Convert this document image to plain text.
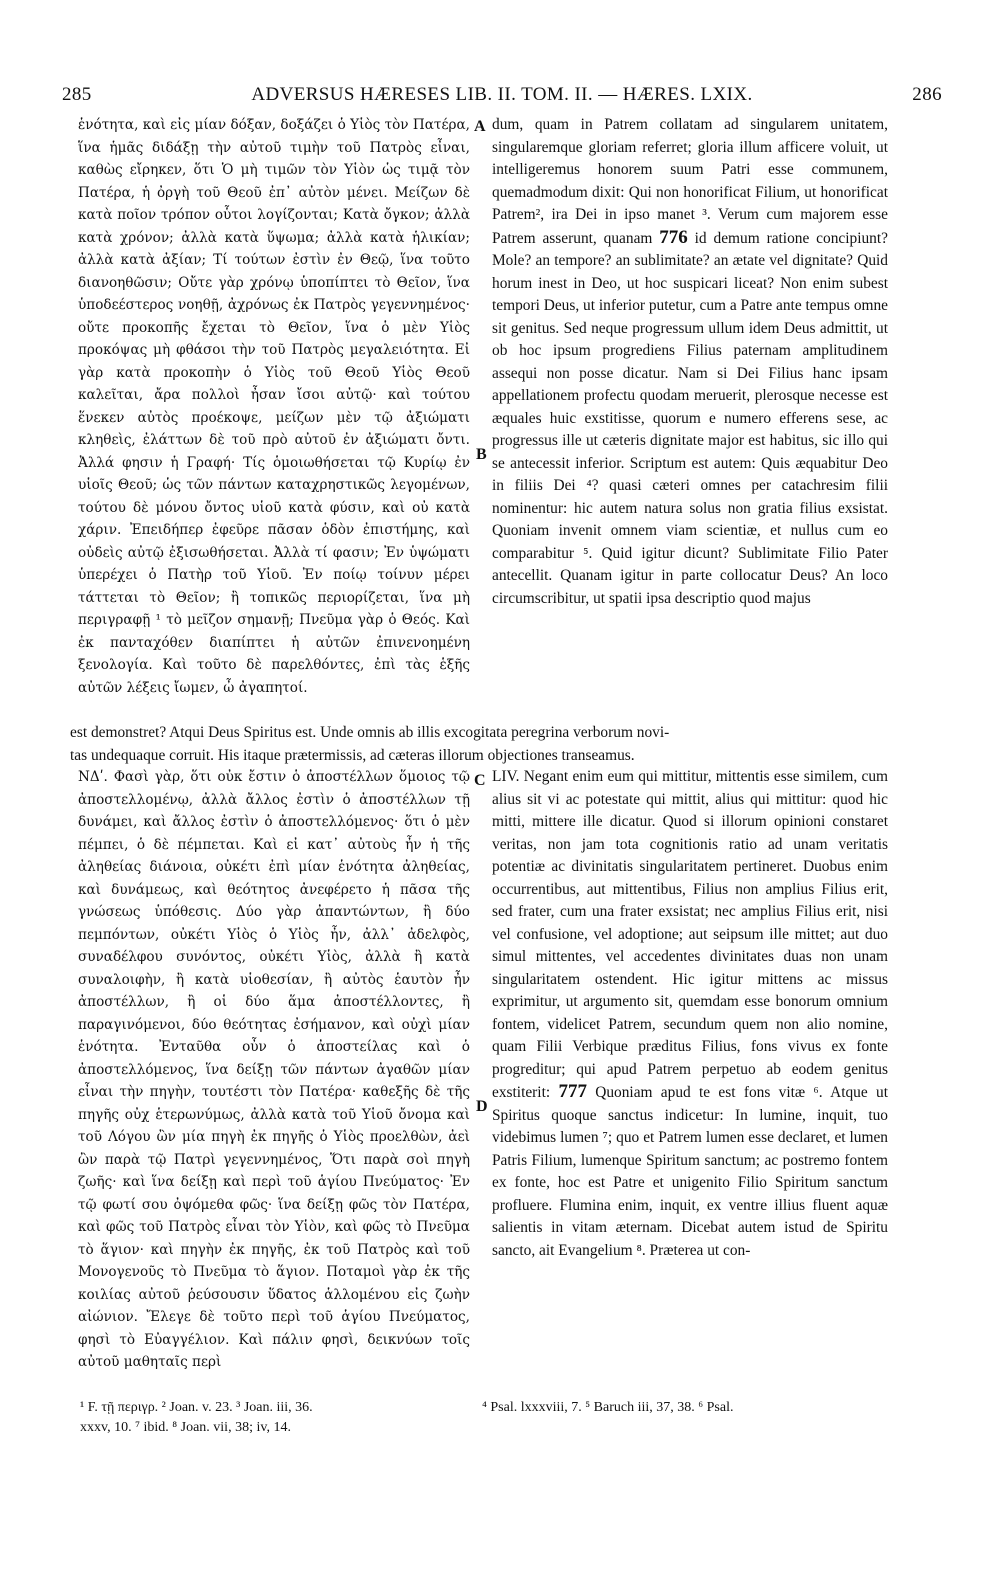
285	ADVERSUS HÆRESES LIB. II. TOM. II. — HÆRES. LXIX.	286

ἑνότητα, καὶ εἰς μίαν δόξαν, δοξάζει ὁ Υἱὸς τὸν Πατέρα, ἵνα ἡμᾶς διδάξῃ τὴν αὐτοῦ τιμὴν τοῦ Πατρὸς εἶναι, καθὼς εἴρηκεν, ὅτι Ὁ μὴ τιμῶν τὸν Υἱὸν ὡς τιμᾷ τὸν Πατέρα, ἡ ὀργὴ τοῦ Θεοῦ ἐπ᾽ αὐτὸν μένει. Μείζων δὲ κατὰ ποῖον τρόπον οὗτοι λογίζονται; Κατὰ ὄγκον; ἀλλὰ κατὰ χρόνον; ἀλλὰ κατὰ ὕψωμα; ἀλλὰ κατὰ ἡλικίαν; ἀλλὰ κατὰ ἀξίαν; Τί τούτων ἐστὶν ἐν Θεῷ, ἵνα τοῦτο διανοηθῶσιν; Οὔτε γὰρ χρόνῳ ὑποπίπτει τὸ Θεῖον, ἵνα ὑποδεέστερος νοηθῇ, ἀχρόνως ἐκ Πατρὸς γεγεννημένος· οὔτε προκοπῆς ἔχεται τὸ Θεῖον, ἵνα ὁ μὲν Υἱὸς προκόψας μὴ φθάσοι τὴν τοῦ Πατρὸς μεγαλειότητα. Εἰ γὰρ κατὰ προκοπὴν ὁ Υἱὸς τοῦ Θεοῦ Υἱὸς Θεοῦ καλεῖται, ἄρα πολλοὶ ἦσαν ἴσοι αὐτῷ· καὶ τούτου ἕνεκεν αὐτὸς προέκοψε, μείζων μὲν τῷ ἀξιώματι κληθεὶς, ἐλάττων δὲ τοῦ πρὸ αὐτοῦ ἐν ἀξιώματι ὄντι. Ἀλλά φησιν ἡ Γραφή· Τίς ὁμοιωθήσεται τῷ Κυρίῳ ἐν υἱοῖς Θεοῦ; ὡς τῶν πάντων καταχρηστικῶς λεγομένων, τούτου δὲ μόνου ὄντος υἱοῦ κατὰ φύσιν, καὶ οὐ κατὰ χάριν. Ἐπειδήπερ ἐφεῦρε πᾶσαν ὁδὸν ἐπιστήμης, καὶ οὐδεὶς αὐτῷ ἐξισωθήσεται. Ἀλλὰ τί φασιν; Ἐν ὑψώματι ὑπερέχει ὁ Πατὴρ τοῦ Υἱοῦ. Ἐν ποίῳ τοίνυν μέρει τάττεται τὸ Θεῖον; ἢ τοπικῶς περιορίζεται, ἵνα μὴ περιγραφῇ ¹ τὸ μεῖζον σημανῇ; Πνεῦμα γὰρ ὁ Θεός. Καὶ ἐκ πανταχόθεν διαπίπτει ἡ αὐτῶν ἐπινενοημένη ξενολογία. Καὶ τοῦτο δὲ παρελθόντες, ἐπὶ τὰς ἑξῆς αὐτῶν λέξεις ἴωμεν, ὦ ἀγαπητοί.

dum, quam in Patrem collatam ad singularem unitatem, singularemque gloriam referret; gloria illum afficere voluit, ut intelligeremus honorem suum Patri esse communem, quemadmodum dixit: Qui non honorificat Filium, ut honorificat Patrem², ira Dei in ipso manet ³. Verum cum majorem esse Patrem asserunt, quanam 776 id demum ratione concipiunt? Mole? an tempore? an sublimitate? an ætate vel dignitate? Quid horum inest in Deo, ut hoc suspicari liceat? Non enim subest tempori Deus, ut inferior putetur, cum a Patre ante tempus omne sit genitus. Sed neque progressum ullum idem Deus admittit, ut ob hoc ipsum progrediens Filius paternam amplitudinem assequi non posse dicatur. Nam si Dei Filius hanc ipsam appellationem profectu quodam meruerit, plerosque necesse est æquales huic exstitisse, quorum e numero efferens sese, ac progressus ille ut cæteris dignitate major est habitus, sic illo qui se antecessit inferior. Scriptum est autem: Quis æquabitur Deo in filiis Dei ⁴? quasi cæteri omnes per catachresim filii nominentur: hic autem natura solus non gratia filius exsistat. Quoniam invenit omnem viam scientiæ, et nullus cum eo comparabitur ⁵. Quid igitur dicunt? Sublimitate Filio Pater antecellit. Quanam igitur in parte collocatur Deus? An loco circumscribitur, ut spatii ipsa descriptio quod majus

A
B
est demonstret? Atqui Deus Spiritus est. Unde omnis ab illis excogitata peregrina verborum novi-
tas undequaque corruit. His itaque prætermissis, ad cæteras illorum objectiones transeamus.

ΝΔʹ. Φασὶ γὰρ, ὅτι οὐκ ἔστιν ὁ ἀποστέλλων ὅμοιος τῷ ἀποστελλομένῳ, ἀλλὰ ἄλλος ἐστὶν ὁ ἀποστέλλων τῇ δυνάμει, καὶ ἄλλος ἐστὶν ὁ ἀποστελλόμενος· ὅτι ὁ μὲν πέμπει, ὁ δὲ πέμπεται. Καὶ εἰ κατ᾽ αὐτοὺς ἦν ἡ τῆς ἀληθείας διάνοια, οὐκέτι ἐπὶ μίαν ἑνότητα ἀληθείας, καὶ δυνάμεως, καὶ θεότητος ἀνεφέρετο ἡ πᾶσα τῆς γνώσεως ὑπόθεσις. Δύο γὰρ ἀπαντώντων, ἢ δύο πεμπόντων, οὐκέτι Υἱὸς ὁ Υἱὸς ἦν, ἀλλ᾽ ἀδελφὸς, συναδέλφου συνόντος, οὐκέτι Υἱὸς, ἀλλὰ ἢ κατὰ συναλοιφὴν, ἢ κατὰ υἱοθεσίαν, ἢ αὐτὸς ἑαυτὸν ἦν ἀποστέλλων, ἢ οἱ δύο ἅμα ἀποστέλλοντες, ἢ παραγινόμενοι, δύο θεότητας ἐσήμανον, καὶ οὐχὶ μίαν ἑνότητα. Ἐνταῦθα οὖν ὁ ἀποστείλας καὶ ὁ ἀποστελλόμενος, ἵνα δείξῃ τῶν πάντων ἀγαθῶν μίαν εἶναι τὴν πηγὴν, τουτέστι τὸν Πατέρα· καθεξῆς δὲ τῆς πηγῆς οὐχ ἑτερωνύμως, ἀλλὰ κατὰ τοῦ Υἱοῦ ὄνομα καὶ τοῦ Λόγου ὢν μία πηγὴ ἐκ πηγῆς ὁ Υἱὸς προελθὼν, ἀεὶ ὢν παρὰ τῷ Πατρὶ γεγεννημένος, Ὅτι παρὰ σοὶ πηγὴ ζωῆς· καὶ ἵνα δείξῃ καὶ περὶ τοῦ ἁγίου Πνεύματος· Ἐν τῷ φωτί σου ὀψόμεθα φῶς· ἵνα δείξῃ φῶς τὸν Πατέρα, καὶ φῶς τοῦ Πατρὸς εἶναι τὸν Υἱὸν, καὶ φῶς τὸ Πνεῦμα τὸ ἅγιον· καὶ πηγὴν ἐκ πηγῆς, ἐκ τοῦ Πατρὸς καὶ τοῦ Μονογενοῦς τὸ Πνεῦμα τὸ ἅγιον. Ποταμοὶ γὰρ ἐκ τῆς κοιλίας αὐτοῦ ῥεύσουσιν ὕδατος ἁλλομένου εἰς ζωὴν αἰώνιον. Ἔλεγε δὲ τοῦτο περὶ τοῦ ἁγίου Πνεύματος, φησὶ τὸ Εὐαγγέλιον. Καὶ πάλιν φησὶ, δεικνύων τοῖς αὐτοῦ μαθηταῖς περὶ

LIV. Negant enim eum qui mittitur, mittentis esse similem, cum alius sit vi ac potestate qui mittit, alius qui mittitur: quod hic mitti, mittere ille dicatur. Quod si illorum opinioni constaret veritas, non jam tota cognitionis ratio ad unam veritatis potentiæ ac divinitatis singularitatem pertineret. Duobus enim occurrentibus, aut mittentibus, Filius non amplius Filius erit, sed frater, cum una frater exsistat; nec amplius Filius erit, nisi vel confusione, vel adoptione; aut seipsum ille mittet; aut duo simul mittentes, vel accedentes divinitates duas non unam singularitatem ostendent. Hic igitur mittens ac missus exprimitur, ut argumento sit, quemdam esse bonorum omnium fontem, videlicet Patrem, secundum quem non alio nomine, quam Filii Verbique præditus Filius, fons vivus ex fonte progreditur; qui apud Patrem perpetuo ab eodem genitus exstiterit: 777 Quoniam apud te est fons vitæ ⁶. Atque ut Spiritus quoque sanctus indicetur: In lumine, inquit, tuo videbimus lumen ⁷; quo et Patrem lumen esse declaret, et lumen Patris Filium, lumenque Spiritum sanctum; ac postremo fontem ex fonte, hoc est Patre et unigenito Filio Spiritum sanctum profluere. Flumina enim, inquit, ex ventre illius fluent aquæ salientis in vitam æternam. Dicebat autem istud de Spiritu sancto, ait Evangelium ⁸. Præterea ut con-

C
D
¹ F. τῇ περιγρ. ² Joan. v. 23. ³ Joan. iii, 36.
xxxv, 10. ⁷ ibid. ⁸ Joan. vii, 38; iv, 14.
⁴ Psal. lxxxviii, 7. ⁵ Baruch iii, 37, 38. ⁶ Psal.
